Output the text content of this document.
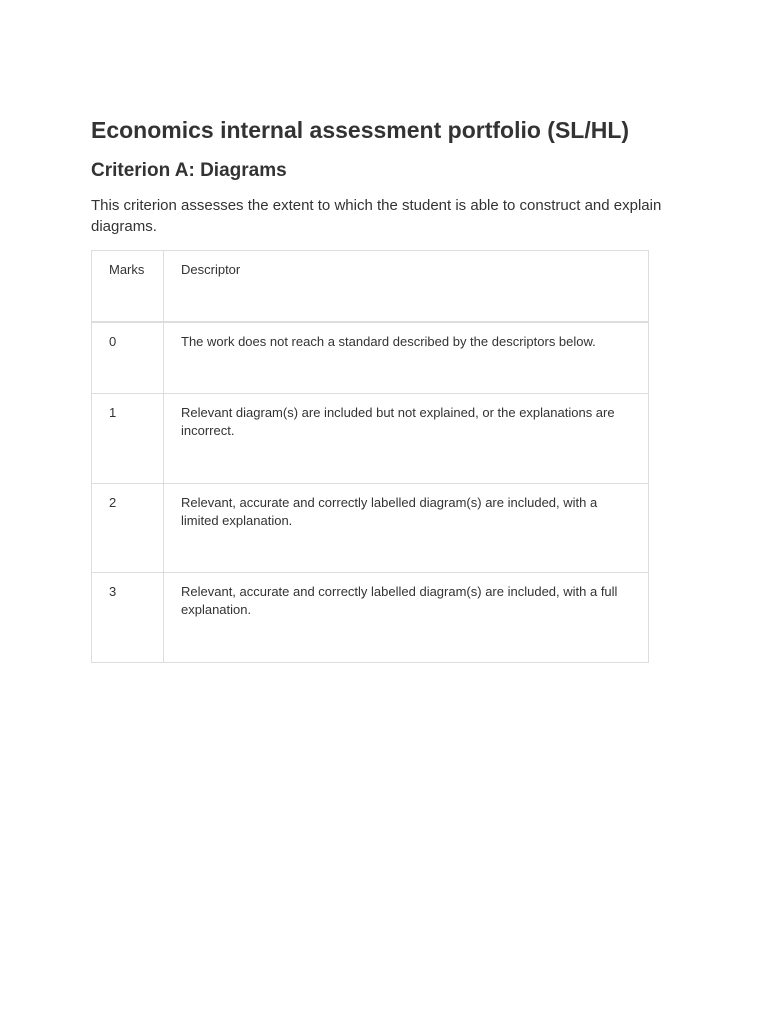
Economics internal assessment portfolio (SL/HL)
Criterion A: Diagrams

This criterion assesses the extent to which the student is able to construct and explain diagrams.

Marks	Descriptor
0	The work does not reach a standard described by the descriptors below.
1	Relevant diagram(s) are included but not explained, or the explanations are incorrect.
2	Relevant, accurate and correctly labelled diagram(s) are included, with a limited explanation.
3	Relevant, accurate and correctly labelled diagram(s) are included, with a full explanation.
